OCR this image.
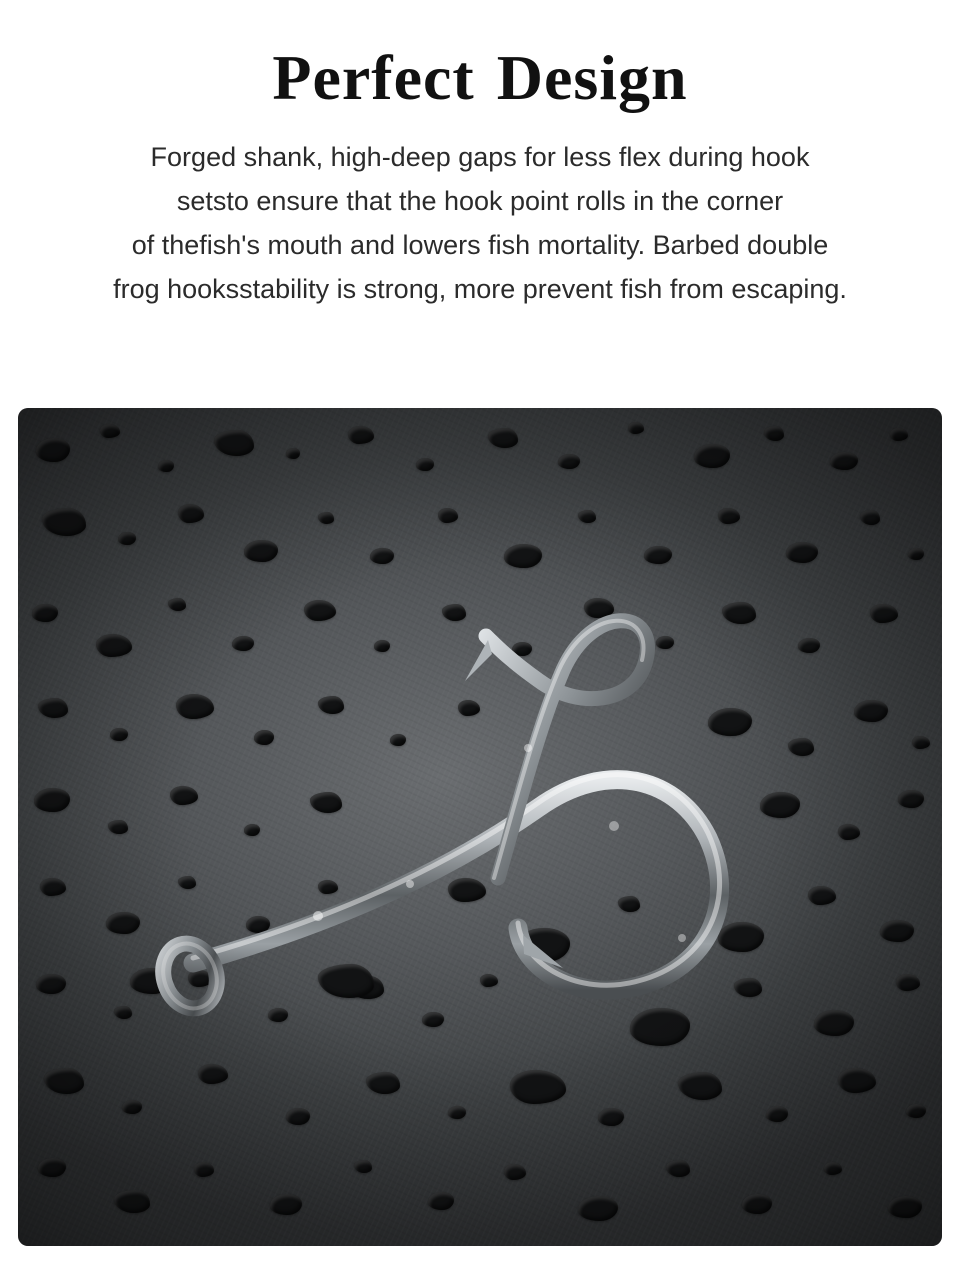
Perfect Design
Forged shank, high-deep gaps for less flex during hook
setsto ensure that the hook point rolls in the corner
of thefish's mouth and lowers fish mortality. Barbed double
frog hooksstability is strong, more prevent fish from escaping.
